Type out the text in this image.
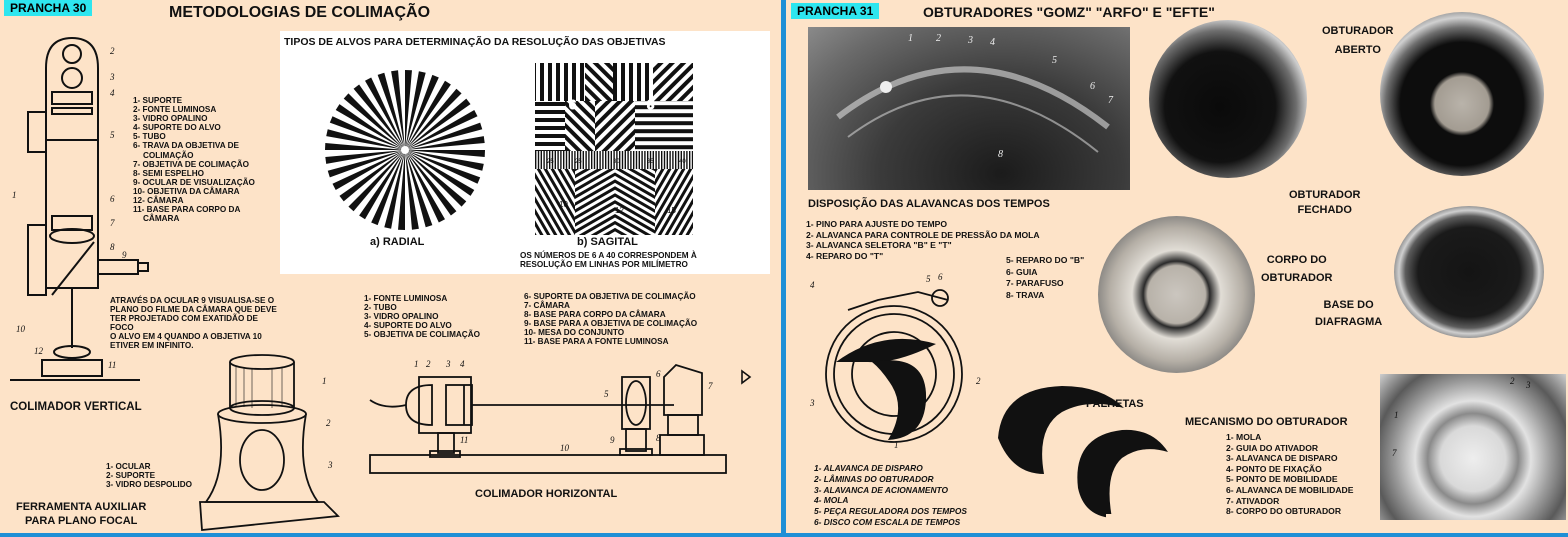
PRANCHA 30	METODOLOGIAS DE COLIMAÇÃO
2
3
4
5
6
7
8
9
1
12
11
10
1- SUPORTE
2- FONTE LUMINOSA
3- VIDRO OPALINO
4- SUPORTE DO ALVO
5- TUBO
6- TRAVA DA OBJETIVA DE
COLIMAÇÃO
7- OBJETIVA DE COLIMAÇÃO
8- SEMI ESPELHO
9- OCULAR DE VISUALIZAÇÃO
10- OBJETIVA DA CÂMARA
12- CÂMARA
11- BASE PARA CORPO DA
CÂMARA
ATRAVÉS DA OCULAR 9 VISUALISA-SE O
PLANO DO FILME DA CÂMARA QUE DEVE
TER PROJETADO COM EXATIDÃO DE
FOCO
O ALVO EM 4 QUANDO A OBJETIVA 10
ETIVER EM INFINITO.
COLIMADOR VERTICAL
TIPOS DE ALVOS PARA DETERMINAÇÃO DA RESOLUÇÃO DAS OBJETIVAS
a) RADIAL
6	8
25	25	30	35	40
10
12	15
b) SAGITAL
OS NÚMEROS DE 6 A 40 CORRESPONDEM À
RESOLUÇÃO EM LINHAS POR MILÍMETRO
1- FONTE LUMINOSA
2- TUBO
3- VIDRO OPALINO
4- SUPORTE DO ALVO
5- OBJETIVA DE COLIMAÇÃO
6- SUPORTE DA OBJETIVA DE COLIMAÇÃO
7- CÂMARA
8- BASE PARA CORPO DA CÂMARA
9- BASE PARA A OBJETIVA DE COLIMAÇÃO
10- MESA DO CONJUNTO
11- BASE PARA A FONTE LUMINOSA
1 2 3 4
5
6
7
8
9
10
11
COLIMADOR HORIZONTAL
1
2
3
1- OCULAR
2- SUPORTE
3- VIDRO DESPOLIDO
FERRAMENTA AUXILIAR
PARA PLANO FOCAL
PRANCHA 31	OBTURADORES "GOMZ" "ARFO" E "EFTE"
1 2	3 4
5
6
7
8
DISPOSIÇÃO DAS ALAVANCAS DOS TEMPOS
1- PINO PARA AJUSTE DO TEMPO
2- ALAVANCA PARA CONTROLE DE PRESSÃO DA MOLA
3- ALAVANCA SELETORA "B" E "T"
4- REPARO DO "T"	5- REPARO DO "B"
6- GUIA
7- PARAFUSO
8- TRAVA
OBTURADOR
ABERTO
OBTURADOR
FECHADO
CORPO DO
OBTURADOR
BASE DO
DIAFRAGMA
4
5 6
3
2
1
1- ALAVANCA DE DISPARO
2- LÂMINAS DO OBTURADOR
3- ALAVANCA DE ACIONAMENTO
4- MOLA
5- PEÇA REGULADORA DOS TEMPOS
6- DISCO COM ESCALA DE TEMPOS
PALHETAS
MECANISMO DO OBTURADOR
1- MOLA
2- GUIA DO ATIVADOR
3- ALAVANCA DE DISPARO
4- PONTO DE FIXAÇÃO
5- PONTO DE MOBILIDADE
6- ALAVANCA DE MOBILIDADE
7- ATIVADOR
8- CORPO DO OBTURADOR
1
2 3
7
